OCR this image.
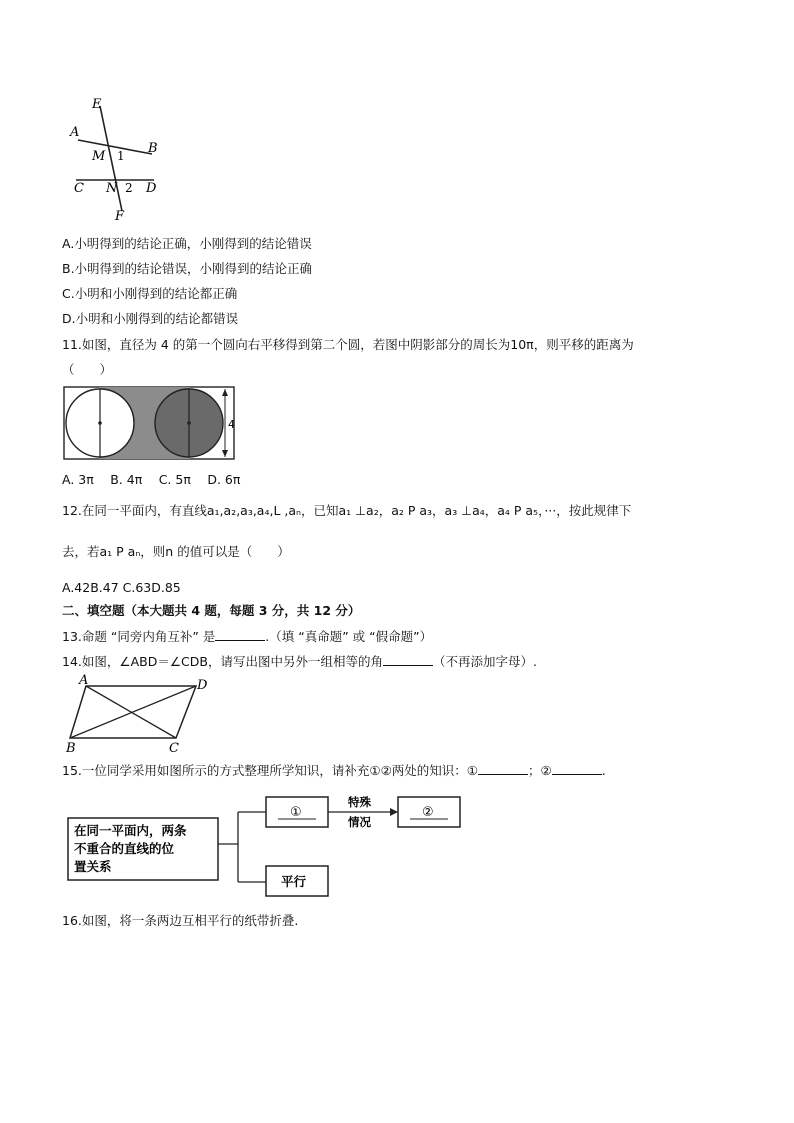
E
A
B
M 1
C N 2 D
F
A.小明得到的结论正确，小刚得到的结论错误
B.小明得到的结论错误，小刚得到的结论正确
C.小明和小刚得到的结论都正确
D.小明和小刚得到的结论都错误
11.如图，直径为 4 的第一个圆向右平移得到第二个圆，若图中阴影部分的周长为10π，则平移的距离为
（　　）
4
A. 3π　 B. 4π　 C. 5π　 D. 6π
12.在同一平面内，有直线a₁,a₂,a₃,a₄,L ,aₙ，已知a₁ ⊥a₂，a₂ P a₃，a₃ ⊥a₄，a₄ P a₅，···，按此规律下
去，若a₁ P aₙ，则n 的值可以是（　　）
A.42B.47 C.63D.85
二、填空题（本大题共 4 题，每题 3 分，共 12 分）
13.命题 “同旁内角互补” 是	.（填 “真命题” 或 “假命题”）
14.如图，∠ABD＝∠CDB，请写出图中另外一组相等的角	（不再添加字母）.
A	D
B	C
15.一位同学采用如图所示的方式整理所学知识，请补充①②两处的知识：①	；②	.
在同一平面内，两条
不重合的直线的位
置关系
①
特殊
情况
②
平行
16.如图，将一条两边互相平行的纸带折叠.
